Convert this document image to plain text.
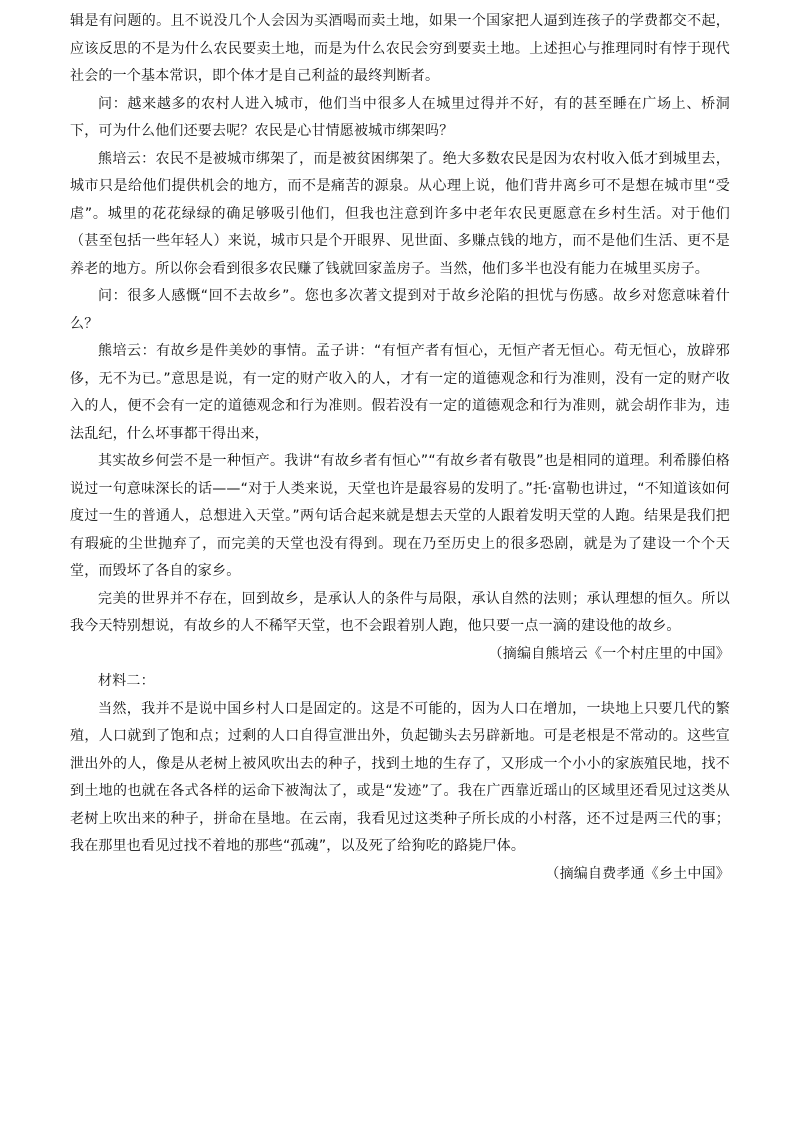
辑是有问题的。且不说没几个人会因为买酒喝而卖土地，如果一个国家把人逼到连孩子的学费都交不起，应该反思的不是为什么农民要卖土地，而是为什么农民会穷到要卖土地。上述担心与推理同时有悖于现代社会的一个基本常识，即个体才是自己利益的最终判断者。

问：越来越多的农村人进入城市，他们当中很多人在城里过得并不好，有的甚至睡在广场上、桥洞下，可为什么他们还要去呢？农民是心甘情愿被城市绑架吗？

熊培云：农民不是被城市绑架了，而是被贫困绑架了。绝大多数农民是因为农村收入低才到城里去，城市只是给他们提供机会的地方，而不是痛苦的源泉。从心理上说，他们背井离乡可不是想在城市里“受虐”。城里的花花绿绿的确足够吸引他们，但我也注意到许多中老年农民更愿意在乡村生活。对于他们（甚至包括一些年轻人）来说，城市只是个开眼界、见世面、多赚点钱的地方，而不是他们生活、更不是养老的地方。所以你会看到很多农民赚了钱就回家盖房子。当然，他们多半也没有能力在城里买房子。

问：很多人感慨“回不去故乡”。您也多次著文提到对于故乡沦陷的担忧与伤感。故乡对您意味着什么？

熊培云：有故乡是件美妙的事情。孟子讲：“有恒产者有恒心，无恒产者无恒心。苟无恒心，放辟邪侈，无不为已。”意思是说，有一定的财产收入的人，才有一定的道德观念和行为准则，没有一定的财产收入的人，便不会有一定的道德观念和行为准则。假若没有一定的道德观念和行为准则，就会胡作非为，违法乱纪，什么坏事都干得出来，

其实故乡何尝不是一种恒产。我讲“有故乡者有恒心”“有故乡者有敬畏”也是相同的道理。利希滕伯格说过一句意味深长的话——“对于人类来说，天堂也许是最容易的发明了。”托·富勒也讲过，“不知道该如何度过一生的普通人，总想进入天堂。”两句话合起来就是想去天堂的人跟着发明天堂的人跑。结果是我们把有瑕疵的尘世抛弃了，而完美的天堂也没有得到。现在乃至历史上的很多恐剧，就是为了建设一个个天堂，而毁坏了各自的家乡。

完美的世界并不存在，回到故乡，是承认人的条件与局限，承认自然的法则；承认理想的恒久。所以我今天特别想说，有故乡的人不稀罕天堂，也不会跟着别人跑，他只要一点一滴的建设他的故乡。

（摘编自熊培云《一个村庄里的中国》

材料二：

当然，我并不是说中国乡村人口是固定的。这是不可能的，因为人口在增加，一块地上只要几代的繁殖，人口就到了饱和点；过剩的人口自得宣泄出外，负起锄头去另辟新地。可是老根是不常动的。这些宣泄出外的人，像是从老树上被风吹出去的种子，找到土地的生存了，又形成一个小小的家族殖民地，找不到土地的也就在各式各样的运命下被淘汰了，或是“发迹”了。我在广西靠近瑶山的区域里还看见过这类从老树上吹出来的种子，拼命在垦地。在云南，我看见过这类种子所长成的小村落，还不过是两三代的事；我在那里也看见过找不着地的那些“孤魂”，以及死了给狗吃的路毙尸体。

（摘编自费孝通《乡土中国》
